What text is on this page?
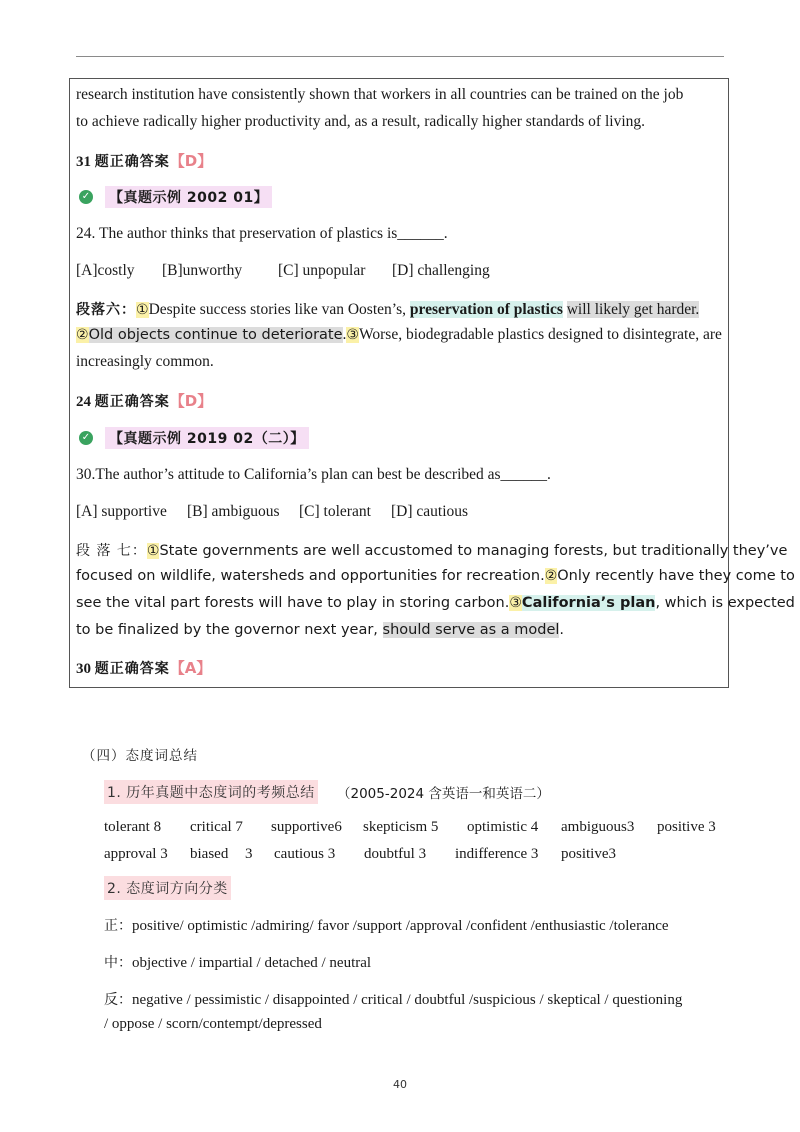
research institution have consistently shown that workers in all countries can be trained on the job
to achieve radically higher productivity and, as a result, radically higher standards of living.
31 题正确答案【D】
✓ 【真题示例 2002 01】
24. The author thinks that preservation of plastics is______.
[A]costly [B]unworthy [C] unpopular [D] challenging
段落六：①Despite success stories like van Oosten’s, preservation of plastics will likely get harder.
②Old objects continue to deteriorate.③Worse, biodegradable plastics designed to disintegrate, are
increasingly common.
24 题正确答案【D】
✓ 【真题示例 2019 02（二）】
30.The author’s attitude to California’s plan can best be described as______.
[A] supportive [B] ambiguous [C] tolerant [D] cautious
段 落 七：①State governments are well accustomed to managing forests, but traditionally they’ve
focused on wildlife, watersheds and opportunities for recreation.②Only recently have they come to
see the vital part forests will have to play in storing carbon.③California’s plan, which is expected
to be finalized by the governor next year, should serve as a model.
30 题正确答案【A】
（四）态度词总结
1. 历年真题中态度词的考频总结 （2005-2024 含英语一和英语二）
tolerant 8 critical 7 supportive6 skepticism 5 optimistic 4 ambiguous3 positive 3
approval 3 biased 3 cautious 3 doubtful 3 indifference 3 positive3
2. 态度词方向分类
正：positive/ optimistic /admiring/ favor /support /approval /confident /enthusiastic /tolerance
中：objective / impartial / detached / neutral
反：negative / pessimistic / disappointed / critical / doubtful /suspicious / skeptical / questioning
/ oppose / scorn/contempt/depressed
40
